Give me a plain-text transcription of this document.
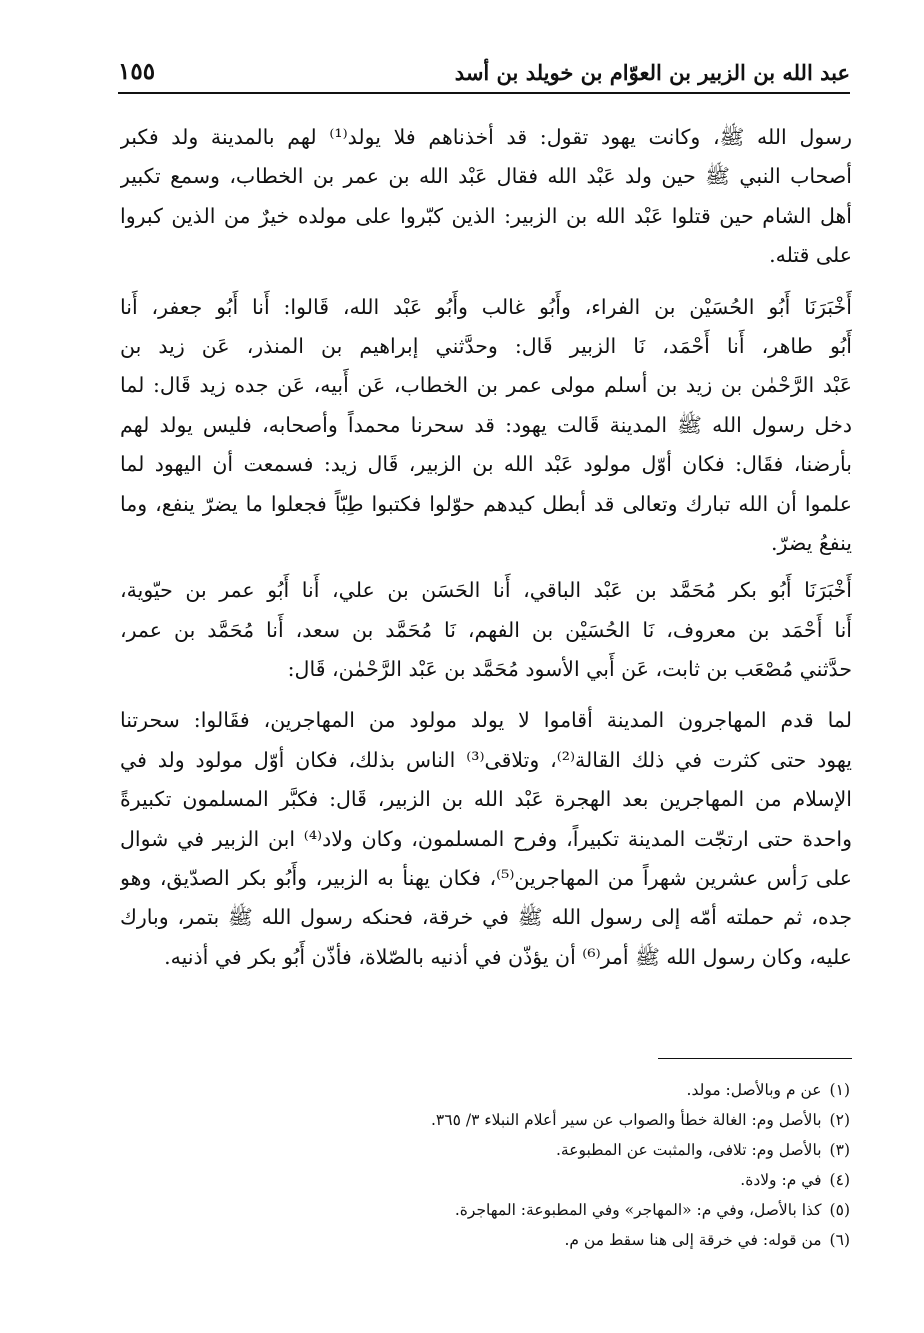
عبد الله بن الزبير بن العوّام بن خويلد بن أسد
١٥٥
رسول الله ﷺ، وكانت يهود تقول: قد أخذناهم فلا يولد⁽¹⁾ لهم بالمدينة ولد فكبر
أصحاب النبي ﷺ حين ولد عَبْد الله فقال عَبْد الله بن عمر بن الخطاب، وسمع تكبير
أهل الشام حين قتلوا عَبْد الله بن الزبير: الذين كبّروا على مولده خيرٌ من الذين كبروا
على قتله.
أَخْبَرَنَا أَبُو الحُسَيْن بن الفراء، وأَبُو غالب وأَبُو عَبْد الله، قَالوا: أَنا أَبُو جعفر، أَنا
أَبُو طاهر، أَنا أَحْمَد، نَا الزبير قَال: وحدَّثني إبراهيم بن المنذر، عَن زيد بن
عَبْد الرَّحْمٰن بن زيد بن أسلم مولى عمر بن الخطاب، عَن أَبيه، عَن جده زيد قَال: لما
دخل رسول الله ﷺ المدينة قَالت يهود: قد سحرنا محمداً وأصحابه، فليس يولد لهم
بأرضنا، فقَال: فكان أوّل مولود عَبْد الله بن الزبير، قَال زيد: فسمعت أن اليهود لما
علموا أن الله تبارك وتعالى قد أبطل كيدهم حوّلوا فكتبوا طِبّاً فجعلوا ما يضرّ ينفع، وما
ينفعُ يضرّ.
أَخْبَرَنَا أَبُو بكر مُحَمَّد بن عَبْد الباقي، أَنا الحَسَن بن علي، أَنا أَبُو عمر بن حيّوية،
أَنا أَحْمَد بن معروف، نَا الحُسَيْن بن الفهم، نَا مُحَمَّد بن سعد، أَنا مُحَمَّد بن عمر،
حدَّثني مُصْعَب بن ثابت، عَن أَبي الأسود مُحَمَّد بن عَبْد الرَّحْمٰن، قَال:
لما قدم المهاجرون المدينة أقاموا لا يولد مولود من المهاجرين، فقَالوا: سحرتنا
يهود حتى كثرت في ذلك القالة⁽²⁾، وتلاقى⁽³⁾ الناس بذلك، فكان أوّل مولود ولد في
الإسلام من المهاجرين بعد الهجرة عَبْد الله بن الزبير، قَال: فكبَّر المسلمون تكبيرةً
واحدة حتى ارتجّت المدينة تكبيراً، وفرح المسلمون، وكان ولاد⁽⁴⁾ ابن الزبير في شوال
على رَأس عشرين شهراً من المهاجرين⁽⁵⁾، فكان يهنأ به الزبير، وأَبُو بكر الصدّيق، وهو
جده، ثم حملته أمّه إلى رسول الله ﷺ في خرقة، فحنكه رسول الله ﷺ بتمر، وبارك
عليه، وكان رسول الله ﷺ أمر⁽⁶⁾ أن يؤذّن في أذنيه بالصّلاة، فأذّن أَبُو بكر في أذنيه.
(١)عن م وبالأصل: مولد.
(٢)بالأصل وم: الغالة خطأ والصواب عن سير أعلام النبلاء ٣/ ٣٦٥.
(٣)بالأصل وم: تلافى، والمثبت عن المطبوعة.
(٤)في م: ولادة.
(٥)كذا بالأصل، وفي م: «المهاجر» وفي المطبوعة: المهاجرة.
(٦)من قوله: في خرقة إلى هنا سقط من م.
